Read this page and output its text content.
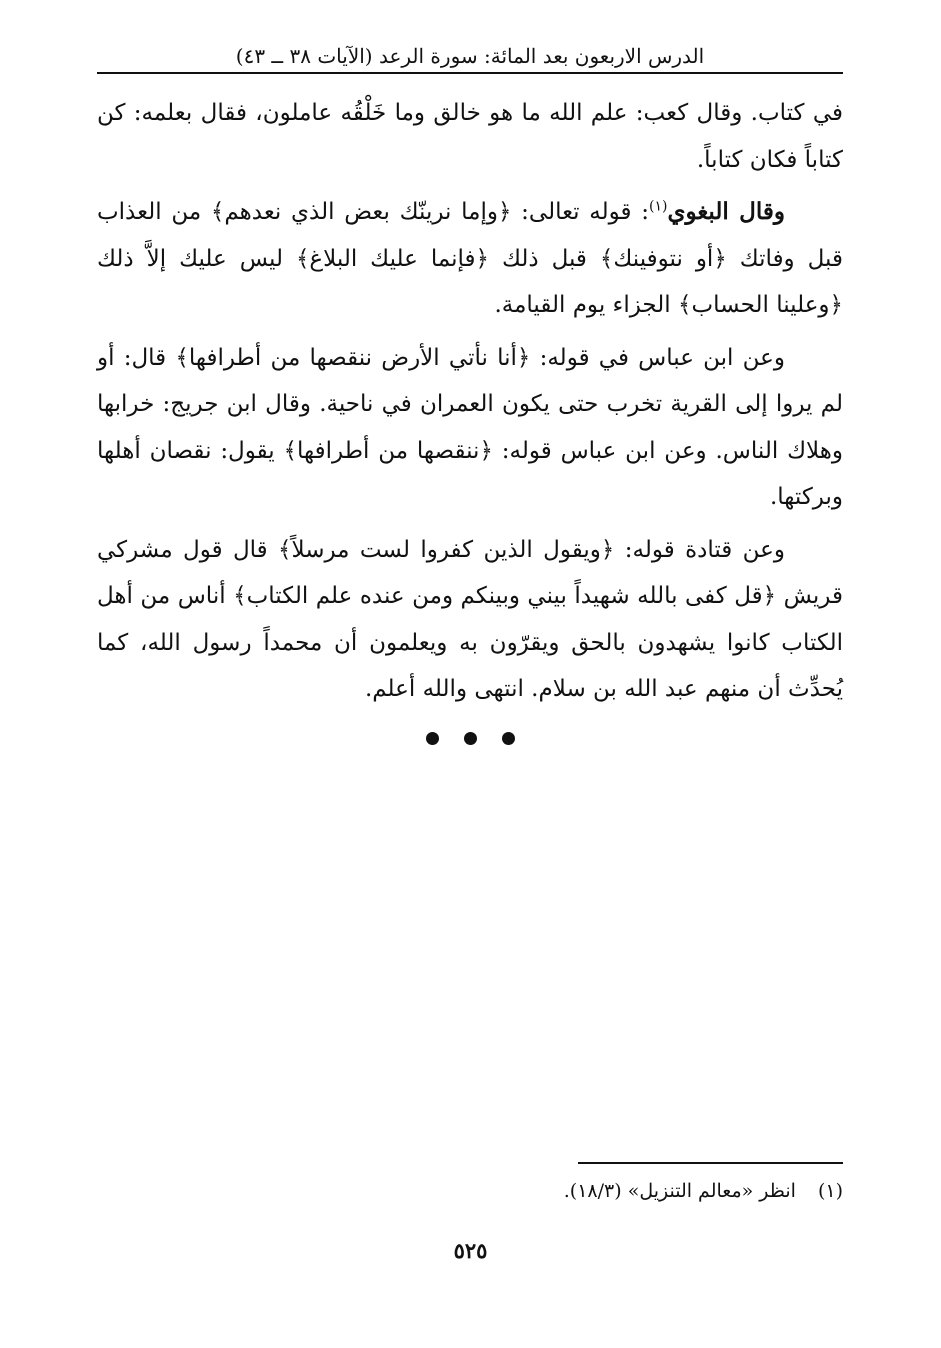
الدرس الاربعون بعد المائة: سورة الرعد (الآيات ٣٨ ــ ٤٣)

في كتاب. وقال كعب: علم الله ما هو خالق وما خَلْقُه عاملون، فقال بعلمه: كن كتاباً فكان كتاباً.

وقال البغوي$^{(١)}$: قوله تعالى: ﴿وإما نرينّك بعض الذي نعدهم﴾ من العذاب قبل وفاتك ﴿أو نتوفينك﴾ قبل ذلك ﴿فإنما عليك البلاغ﴾ ليس عليك إلاَّ ذلك ﴿وعلينا الحساب﴾ الجزاء يوم القيامة.

وعن ابن عباس في قوله: ﴿أنا نأتي الأرض ننقصها من أطرافها﴾ قال: أو لم يروا إلى القرية تخرب حتى يكون العمران في ناحية. وقال ابن جريج: خرابها وهلاك الناس. وعن ابن عباس قوله: ﴿ننقصها من أطرافها﴾ يقول: نقصان أهلها وبركتها.

وعن قتادة قوله: ﴿ويقول الذين كفروا لست مرسلاً﴾ قال قول مشركي قريش ﴿قل كفى بالله شهيداً بيني وبينكم ومن عنده علم الكتاب﴾ أناس من أهل الكتاب كانوا يشهدون بالحق ويقرّون به ويعلمون أن محمداً رسول الله، كما يُحدِّث أن منهم عبد الله بن سلام. انتهى والله أعلم.

(١)انظر «معالم التنزيل» (١٨/٣).
٥٢٥
